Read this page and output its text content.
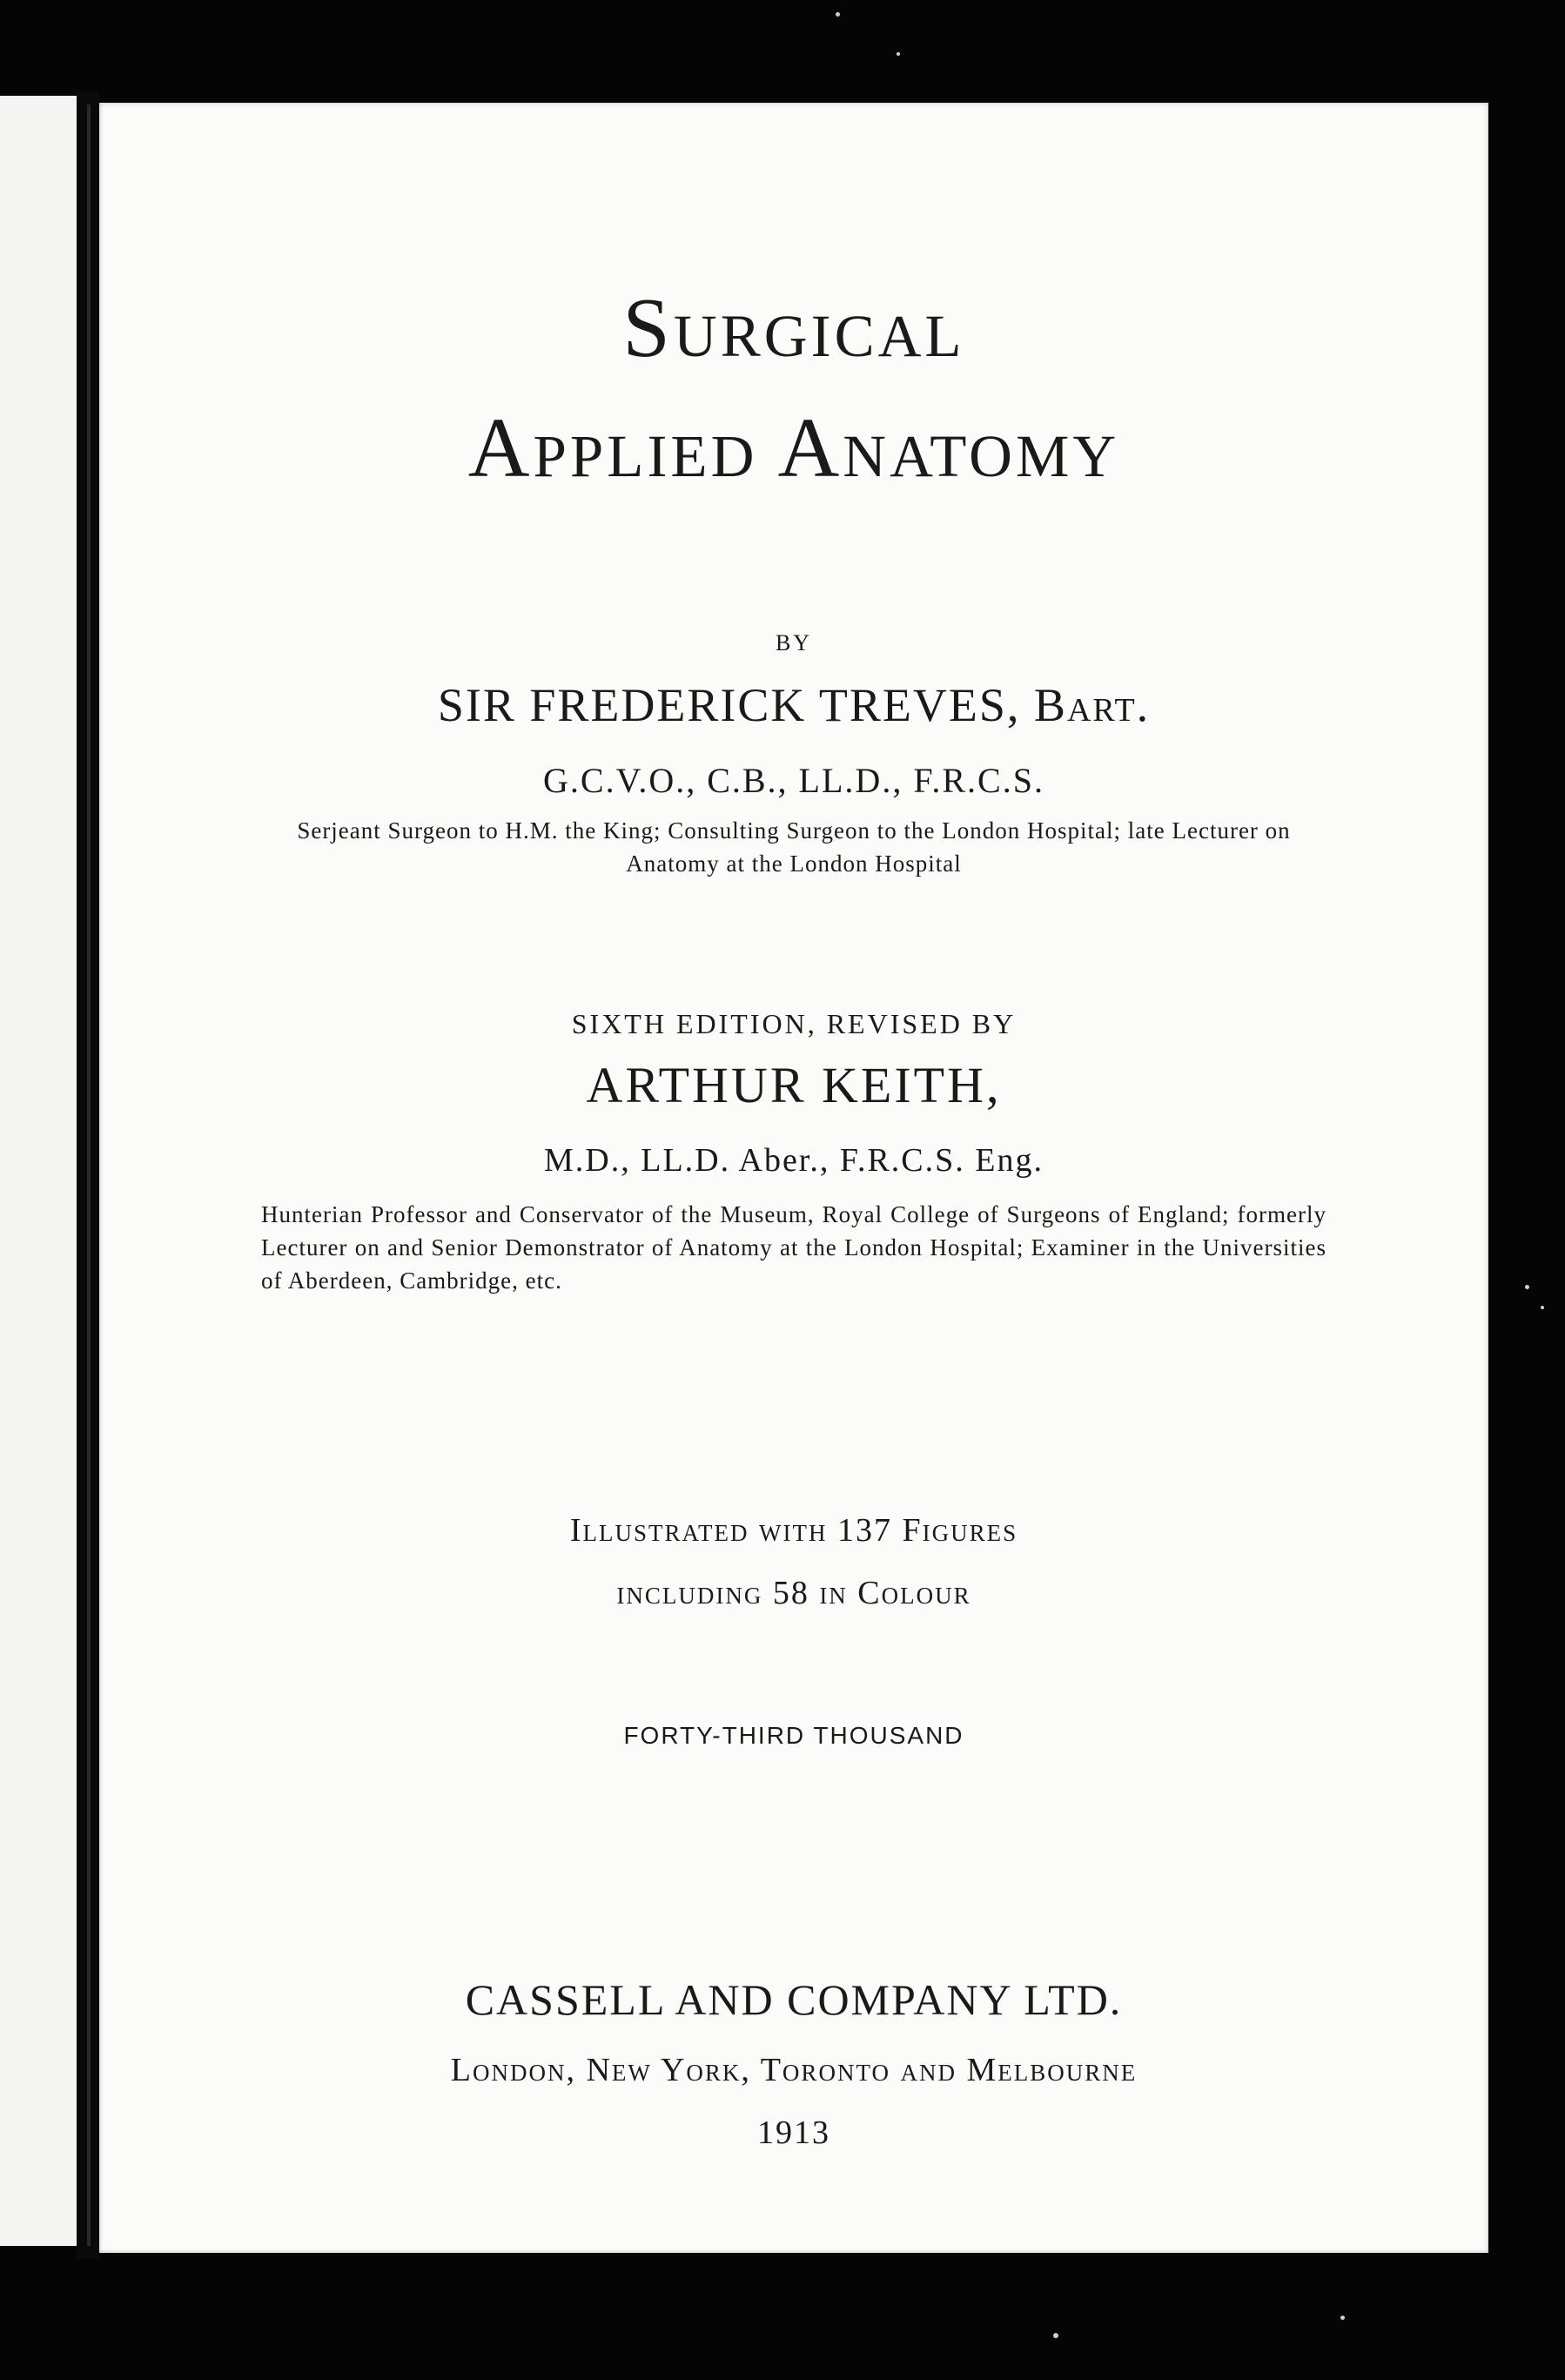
Surgical
Applied Anatomy

BY

SIR FREDERICK TREVES, Bart.

G.C.V.O., C.B., LL.D., F.R.C.S.

Serjeant Surgeon to H.M. the King; Consulting Surgeon to the London Hospital; late Lecturer on Anatomy at the London Hospital

SIXTH EDITION, REVISED BY

ARTHUR KEITH,

M.D., LL.D. Aber., F.R.C.S. Eng.

Hunterian Professor and Conservator of the Museum, Royal College of Surgeons of England; formerly Lecturer on and Senior Demonstrator of Anatomy at the London Hospital; Examiner in the Universities of Aberdeen, Cambridge, etc.

Illustrated with 137 Figures

including 58 in Colour

FORTY-THIRD THOUSAND

CASSELL AND COMPANY LTD.

London, New York, Toronto and Melbourne

1913
